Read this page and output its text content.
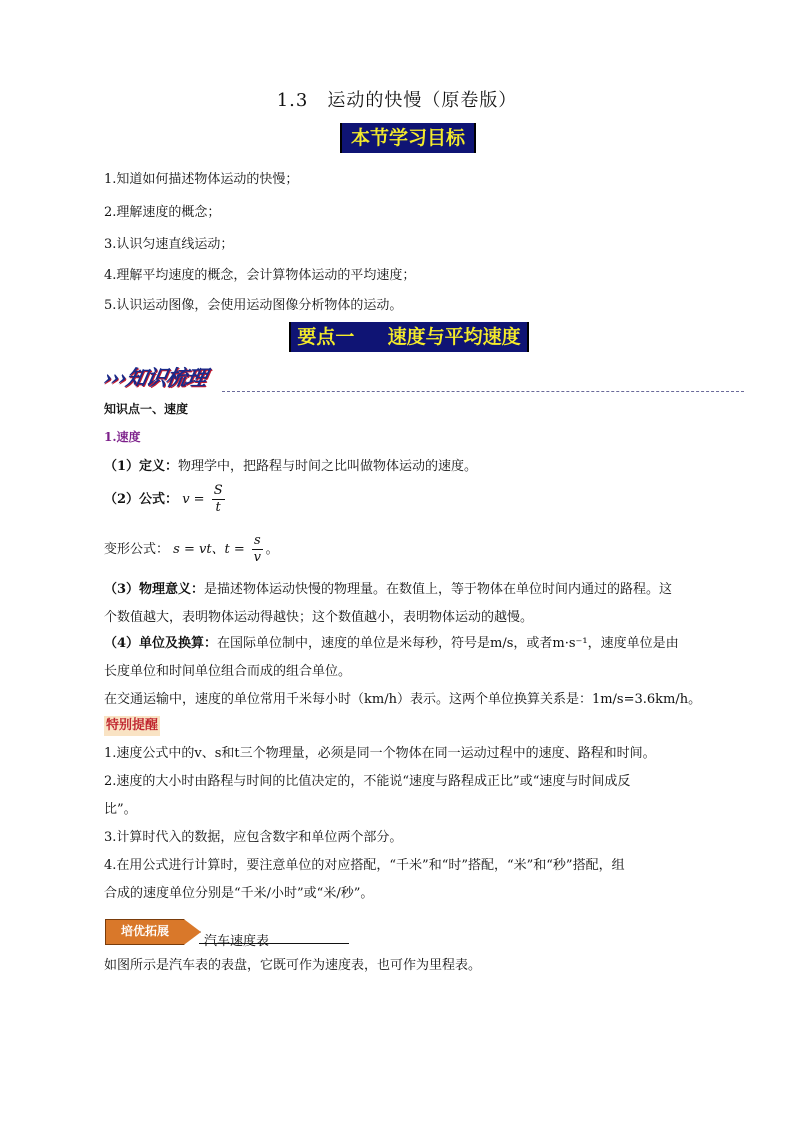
1.3　运动的快慢（原卷版）
本节学习目标
1.知道如何描述物体运动的快慢；
2.理解速度的概念；
3.认识匀速直线运动；
4.理解平均速度的概念，会计算物体运动的平均速度；
5.认识运动图像，会使用运动图像分析物体的运动。
要点一 速度与平均速度
›››知识梳理
知识点一、速度
1.速度
（1）定义：物理学中，把路程与时间之比叫做物体运动的速度。
（2）公式： $v = \frac{S}{t}$
变形公式： s = vt、$t = \frac{s}{v}$ 。
（3）物理意义：是描述物体运动快慢的物理量。在数值上，等于物体在单位时间内通过的路程。这
个数值越大，表明物体运动得越快；这个数值越小，表明物体运动的越慢。
（4）单位及换算：在国际单位制中，速度的单位是米每秒，符号是m/s，或者m·s⁻¹，速度单位是由
长度单位和时间单位组合而成的组合单位。
在交通运输中，速度的单位常用千米每小时（km/h）表示。这两个单位换算关系是：1m/s=3.6km/h。
特别提醒
1.速度公式中的v、s和t三个物理量，必须是同一个物体在同一运动过程中的速度、路程和时间。
2.速度的大小时由路程与时间的比值决定的，不能说“速度与路程成正比”或“速度与时间成反
比”。
3.计算时代入的数据，应包含数字和单位两个部分。
4.在用公式进行计算时，要注意单位的对应搭配，“千米”和“时”搭配，“米”和“秒”搭配，组
合成的速度单位分别是“千米/小时”或“米/秒”。
培优拓展
汽车速度表
如图所示是汽车表的表盘，它既可作为速度表，也可作为里程表。
